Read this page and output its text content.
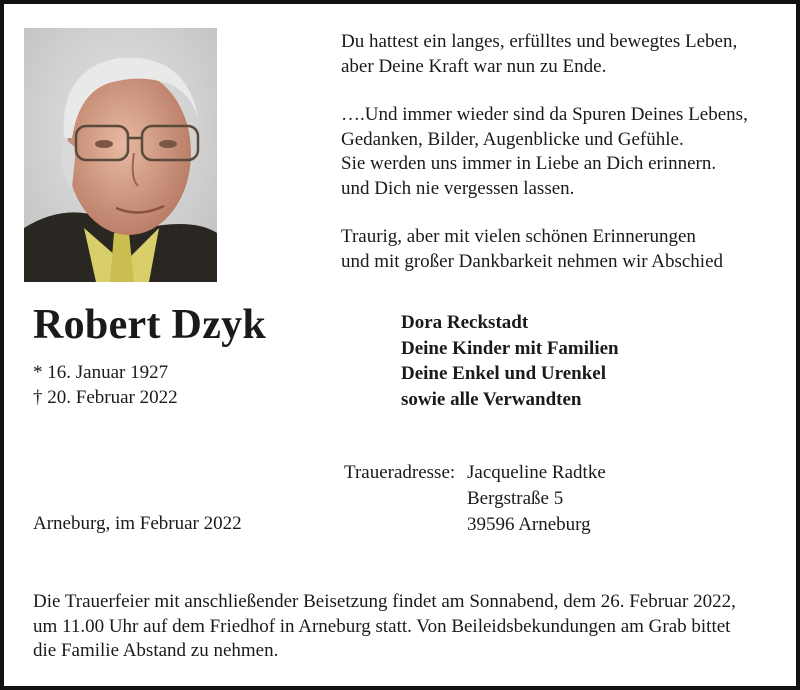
Du hattest ein langes, erfülltes und bewegtes Leben,
aber Deine Kraft war nun zu Ende.

….Und immer wieder sind da Spuren Deines Lebens,
Gedanken, Bilder, Augenblicke und Gefühle.
Sie werden uns immer in Liebe an Dich erinnern.
und Dich nie vergessen lassen.

Traurig, aber mit vielen schönen Erinnerungen
und mit großer Dankbarkeit nehmen wir Abschied

Robert Dzyk
* 16. Januar 1927
† 20. Februar 2022
Dora Reckstadt
Deine Kinder mit Familien
Deine Enkel und Urenkel
sowie alle Verwandten
Traueradresse: Jacqueline Radtke
Bergstraße 5
39596 Arneburg
Arneburg, im Februar 2022
Die Trauerfeier mit anschließender Beisetzung findet am Sonnabend, dem 26. Februar 2022,
um 11.00 Uhr auf dem Friedhof in Arneburg statt. Von Beileidsbekundungen am Grab bittet
die Familie Abstand zu nehmen.
